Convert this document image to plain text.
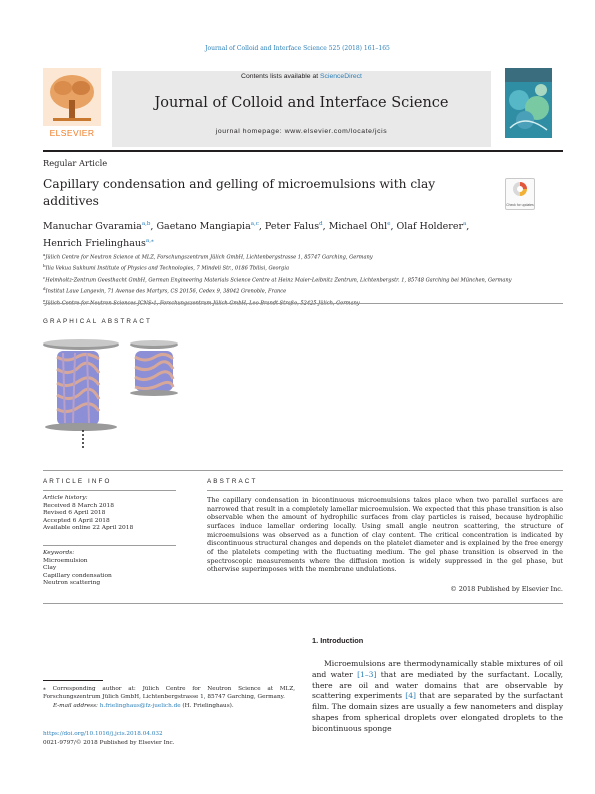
Journal of Colloid and Interface Science 525 (2018) 161–165
ELSEVIER
Contents lists available at ScienceDirect
Journal of Colloid and Interface Science
journal homepage: www.elsevier.com/locate/jcis
Regular Article
Capillary condensation and gelling of microemulsions with clay additives	Check for updates
Manuchar Gvaramia$^{a,b}$, Gaetano Mangiapia$^{a,c}$, Peter Falus$^d$, Michael Ohl$^e$, Olaf Holderer$^a$,
Henrich Frielinghaus$^{a,⁎}$
$^a$Jülich Centre for Neutron Science at MLZ, Forschungszentrum Jülich GmbH, Lichtenbergstrasse 1, 85747 Garching, Germany
$^b$Ilia Vekua Sukhumi Institute of Physics and Technologies, 7 Mindeli Str., 0186 Tbilisi, Georgia
$^c$Helmholtz-Zentrum Geesthacht GmbH, German Engineering Materials Science Centre at Heinz Maier-Leibnitz Zentrum, Lichtenbergstr. 1, 85748 Garching bei München, Germany
$^d$Institut Laue Langevin, 71 Avenue des Martyrs, CS 20156, Cedex 9, 38042 Grenoble, France
$^e$
GRAPHICAL ABSTRACT
ARTICLE INFO
Article history:
Received 8 March 2018
Revised 6 April 2018
Accepted 6 April 2018
Available online 22 April 2018
Keywords:
Microemulsion
Clay
Capillary condensation
Neutron scattering
ABSTRACT
The capillary condensation in bicontinuous microemulsions takes place when two parallel surfaces are narrowed that result in a completely lamellar microemulsion. We expected that this phase transition is also observable when the amount of hydrophilic surfaces from clay particles is raised, because hydrophilic surfaces induce lamellar ordering locally. Using small angle neutron scattering, the structure of microemulsions was observed as a function of clay content. The critical concentration is indicated by discontinuous structural changes and depends on the platelet diameter and is explained by the free energy of the platelets competing with the fluctuating medium. The gel phase transition is observed in the spectroscopic measurements where the diffusion motion is widely suppressed in the gel phase, but otherwise superimposes with the membrane undulations.
© 2018 Published by Elsevier Inc.
1. Introduction
Microemulsions are thermodynamically stable mixtures of oil and water [1–3] that are mediated by the surfactant. Locally, there are oil and water domains that are observable by scattering experiments [4] that are separated by the surfactant film. The domain sizes are usually a few nanometers and display shapes from spherical droplets over elongated droplets to the bicontinuous sponge
⁎ Corresponding author at: Jülich Centre for Neutron Science at MLZ, Forschungszentrum Jülich GmbH, Lichtenbergstrasse 1, 85747 Garching, Germany.
E-mail address: h.frielinghaus@fz-juelich.de (H. Frielinghaus).
https://doi.org/10.1016/j.jcis.2018.04.032
0021-9797/© 2018 Published by Elsevier Inc.
